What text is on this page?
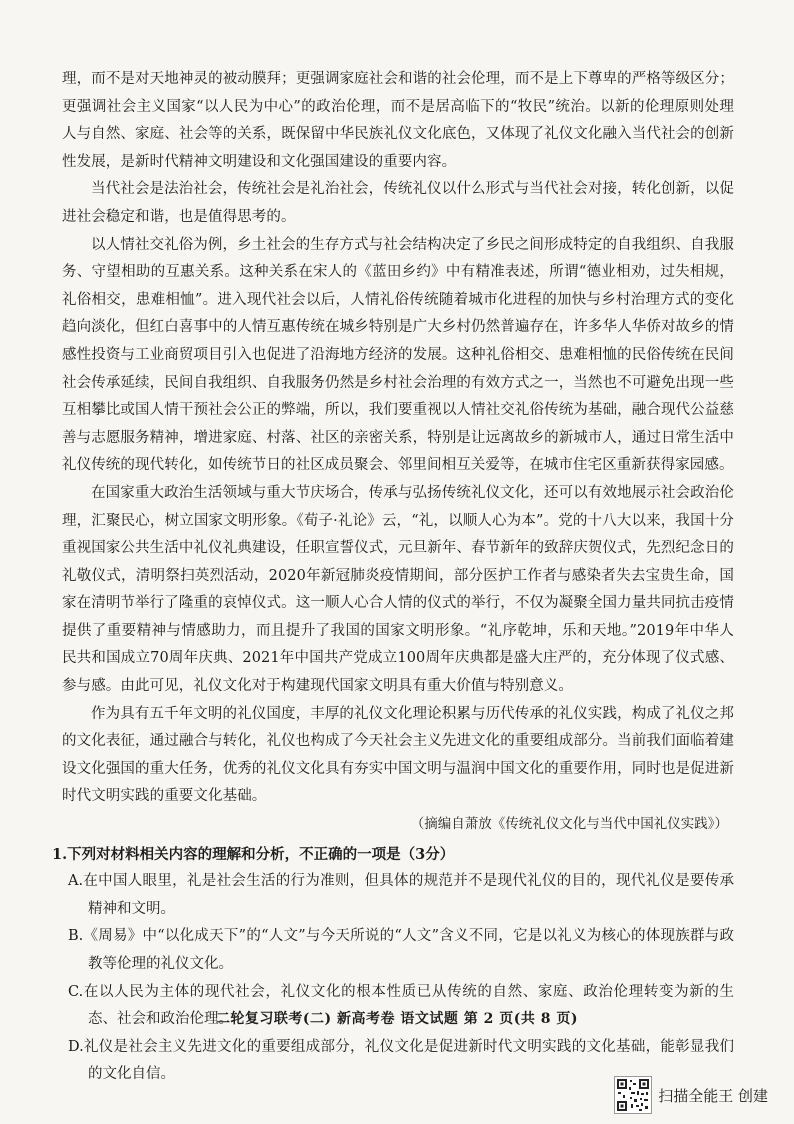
理，而不是对天地神灵的被动膜拜；更强调家庭社会和谐的社会伦理，而不是上下尊卑的严格等级区分；更强调社会主义国家“以人民为中心”的政治伦理，而不是居高临下的“牧民”统治。以新的伦理原则处理人与自然、家庭、社会等的关系，既保留中华民族礼仪文化底色，又体现了礼仪文化融入当代社会的创新性发展，是新时代精神文明建设和文化强国建设的重要内容。

当代社会是法治社会，传统社会是礼治社会，传统礼仪以什么形式与当代社会对接，转化创新，以促进社会稳定和谐，也是值得思考的。

以人情社交礼俗为例，乡土社会的生存方式与社会结构决定了乡民之间形成特定的自我组织、自我服务、守望相助的互惠关系。这种关系在宋人的《蓝田乡约》中有精准表述，所谓“德业相劝，过失相规，礼俗相交，患难相恤”。进入现代社会以后，人情礼俗传统随着城市化进程的加快与乡村治理方式的变化趋向淡化，但红白喜事中的人情互惠传统在城乡特别是广大乡村仍然普遍存在，许多华人华侨对故乡的情感性投资与工业商贸项目引入也促进了沿海地方经济的发展。这种礼俗相交、患难相恤的民俗传统在民间社会传承延续，民间自我组织、自我服务仍然是乡村社会治理的有效方式之一，当然也不可避免出现一些互相攀比或国人情干预社会公正的弊端，所以，我们要重视以人情社交礼俗传统为基础，融合现代公益慈善与志愿服务精神，增进家庭、村落、社区的亲密关系，特别是让远离故乡的新城市人，通过日常生活中礼仪传统的现代转化，如传统节日的社区成员聚会、邻里间相互关爱等，在城市住宅区重新获得家园感。

在国家重大政治生活领域与重大节庆场合，传承与弘扬传统礼仪文化，还可以有效地展示社会政治伦理，汇聚民心，树立国家文明形象。《荀子·礼论》云，“礼，以顺人心为本”。党的十八大以来，我国十分重视国家公共生活中礼仪礼典建设，任职宣誓仪式，元旦新年、春节新年的致辞庆贺仪式，先烈纪念日的礼敬仪式，清明祭扫英烈活动，2020年新冠肺炎疫情期间，部分医护工作者与感染者失去宝贵生命，国家在清明节举行了隆重的哀悼仪式。这一顺人心合人情的仪式的举行，不仅为凝聚全国力量共同抗击疫情提供了重要精神与情感助力，而且提升了我国的国家文明形象。“礼序乾坤，乐和天地。”2019年中华人民共和国成立70周年庆典、2021年中国共产党成立100周年庆典都是盛大庄严的，充分体现了仪式感、参与感。由此可见，礼仪文化对于构建现代国家文明具有重大价值与特别意义。

作为具有五千年文明的礼仪国度，丰厚的礼仪文化理论积累与历代传承的礼仪实践，构成了礼仪之邦的文化表征，通过融合与转化，礼仪也构成了今天社会主义先进文化的重要组成部分。当前我们面临着建设文化强国的重大任务，优秀的礼仪文化具有夯实中国文明与温润中国文化的重要作用，同时也是促进新时代文明实践的重要文化基础。

（摘编自萧放《传统礼仪文化与当代中国礼仪实践》）

1.下列对材料相关内容的理解和分析，不正确的一项是（3分）

A.在中国人眼里，礼是社会生活的行为准则，但具体的规范并不是现代礼仪的目的，现代礼仪是要传承精神和文明。

B.《周易》中“以化成天下”的“人文”与今天所说的“人文”含义不同，它是以礼义为核心的体现族群与政教等伦理的礼仪文化。

C.在以人民为主体的现代社会，礼仪文化的根本性质已从传统的自然、家庭、政治伦理转变为新的生态、社会和政治伦理。

D.礼仪是社会主义先进文化的重要组成部分，礼仪文化是促进新时代文明实践的文化基础，能彰显我们的文化自信。

二轮复习联考(二) 新高考卷 语文试题 第 2 页(共 8 页)
扫描全能王 创建
